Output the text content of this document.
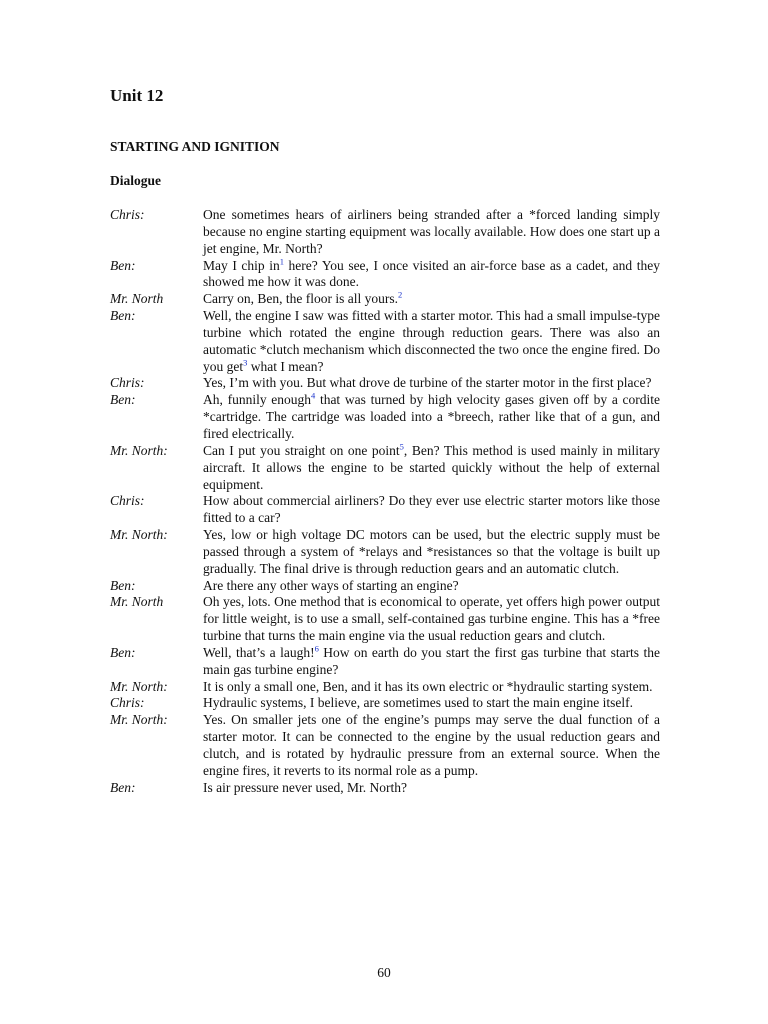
Unit 12
STARTING AND IGNITION
Dialogue
Chris:	One sometimes hears of airliners being stranded after a *forced landing simply because no engine starting equipment was locally available. How does one start up a jet engine, Mr. North?
Ben:	May I chip $in^1$ here? You see, I once visited an air-force base as a cadet, and they showed me how it was done.
Mr. North	Carry on, Ben, the floor is all yours.$^2$
Ben:	Well, the engine I saw was fitted with a starter motor. This had a small impulse-type turbine which rotated the engine through reduction gears. There was also an automatic *clutch mechanism which disconnected the two once the engine fired. Do you get$^3$ what I mean?
Chris:	Yes, I’m with you. But what drove de turbine of the starter motor in the first place?
Ben:	Ah, funnily enough$^4$ that was turned by high velocity gases given off by a cordite *cartridge. The cartridge was loaded into a *breech, rather like that of a gun, and fired electrically.
Mr. North:	Can I put you straight on one point$^5$, Ben? This method is used mainly in military aircraft. It allows the engine to be started quickly without the help of external equipment.
Chris:	How about commercial airliners? Do they ever use electric starter motors like those fitted to a car?
Mr. North:	Yes, low or high voltage DC motors can be used, but the electric supply must be passed through a system of *relays and *resistances so that the voltage is built up gradually. The final drive is through reduction gears and an automatic clutch.
Ben:	Are there any other ways of starting an engine?
Mr. North	Oh yes, lots. One method that is economical to operate, yet offers high power output for little weight, is to use a small, self-contained gas turbine engine. This has a *free turbine that turns the main engine via the usual reduction gears and clutch.
Ben:	Well, that’s a laugh!$^6$ How on earth do you start the first gas turbine that starts the main gas turbine engine?
Mr. North:	It is only a small one, Ben, and it has its own electric or *hydraulic starting system.
Chris:	Hydraulic systems, I believe, are sometimes used to start the main engine itself.
Mr. North:	Yes. On smaller jets one of the engine’s pumps may serve the dual function of a starter motor. It can be connected to the engine by the usual reduction gears and clutch, and is rotated by hydraulic pressure from an external source. When the engine fires, it reverts to its normal role as a pump.
Ben:	Is air pressure never used, Mr. North?
60
